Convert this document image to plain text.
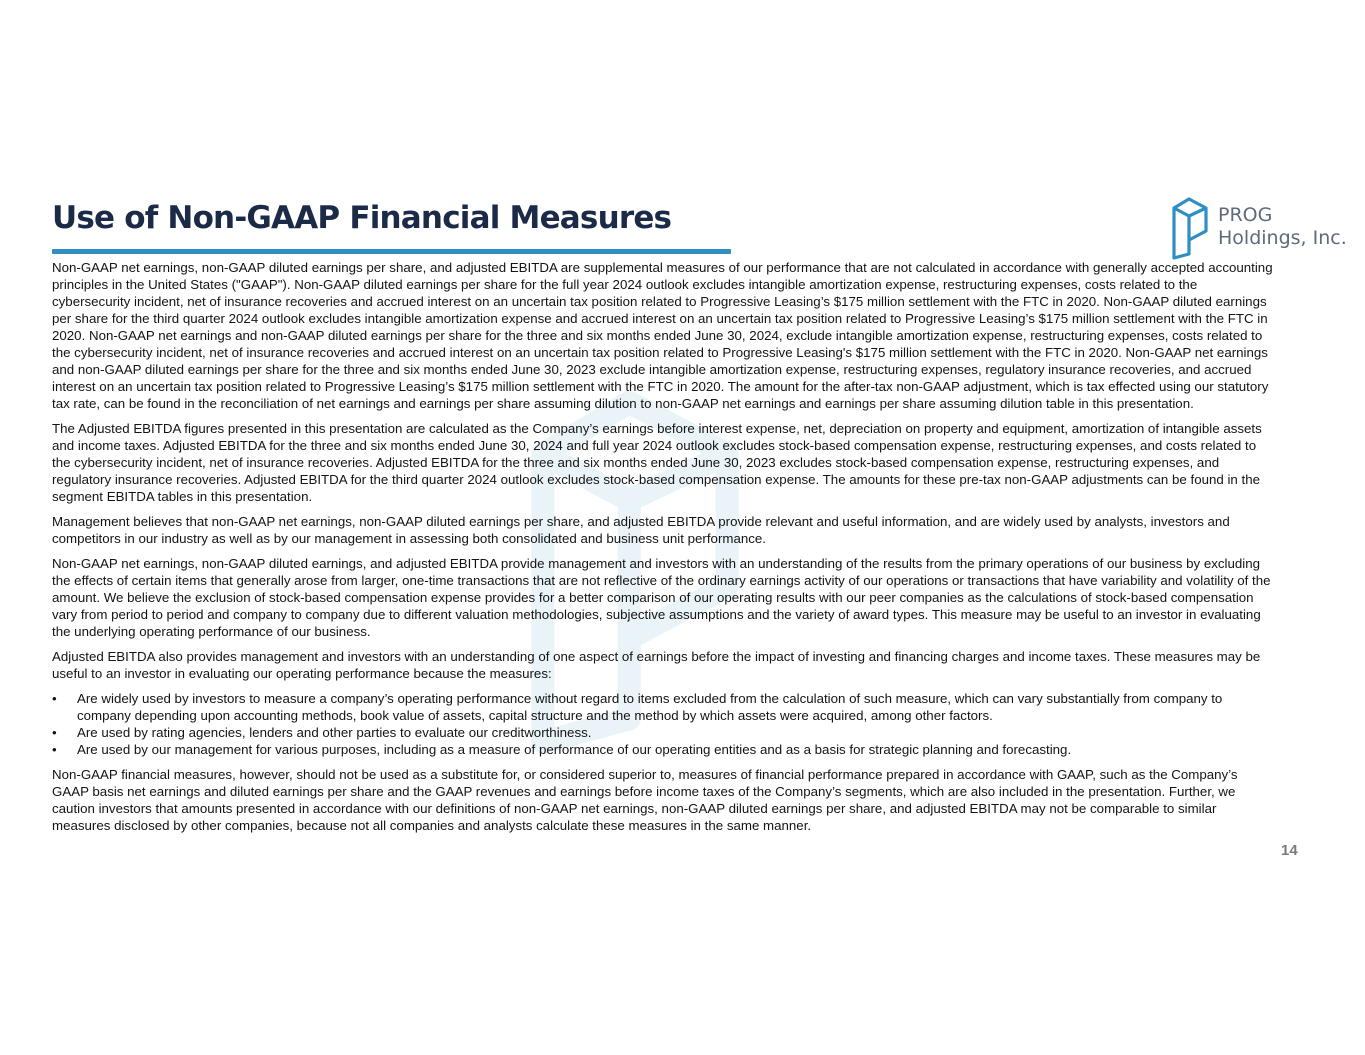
Use of Non-GAAP Financial Measures	PROG
Holdings, Inc.

Non-GAAP net earnings, non-GAAP diluted earnings per share, and adjusted EBITDA are supplemental measures of our performance that are not calculated in accordance with generally accepted accounting principles in the United States ("GAAP"). Non-GAAP diluted earnings per share for the full year 2024 outlook excludes intangible amortization expense, restructuring expenses, costs related to the cybersecurity incident, net of insurance recoveries and accrued interest on an uncertain tax position related to Progressive Leasing’s $175 million settlement with the FTC in 2020. Non-GAAP diluted earnings per share for the third quarter 2024 outlook excludes intangible amortization expense and accrued interest on an uncertain tax position related to Progressive Leasing’s $175 million settlement with the FTC in 2020. Non-GAAP net earnings and non-GAAP diluted earnings per share for the three and six months ended June 30, 2024, exclude intangible amortization expense, restructuring expenses, costs related to the cybersecurity incident, net of insurance recoveries and accrued interest on an uncertain tax position related to Progressive Leasing's $175 million settlement with the FTC in 2020. Non-GAAP net earnings and non-GAAP diluted earnings per share for the three and six months ended June 30, 2023 exclude intangible amortization expense, restructuring expenses, regulatory insurance recoveries, and accrued interest on an uncertain tax position related to Progressive Leasing’s $175 million settlement with the FTC in 2020. The amount for the after-tax non-GAAP adjustment, which is tax effected using our statutory tax rate, can be found in the reconciliation of net earnings and earnings per share assuming dilution to non-GAAP net earnings and earnings per share assuming dilution table in this presentation.

The Adjusted EBITDA figures presented in this presentation are calculated as the Company’s earnings before interest expense, net, depreciation on property and equipment, amortization of intangible assets and income taxes. Adjusted EBITDA for the three and six months ended June 30, 2024 and full year 2024 outlook excludes stock-based compensation expense, restructuring expenses, and costs related to the cybersecurity incident, net of insurance recoveries. Adjusted EBITDA for the three and six months ended June 30, 2023 excludes stock-based compensation expense, restructuring expenses, and regulatory insurance recoveries. Adjusted EBITDA for the third quarter 2024 outlook excludes stock-based compensation expense. The amounts for these pre-tax non-GAAP adjustments can be found in the segment EBITDA tables in this presentation.

Management believes that non-GAAP net earnings, non-GAAP diluted earnings per share, and adjusted EBITDA provide relevant and useful information, and are widely used by analysts, investors and competitors in our industry as well as by our management in assessing both consolidated and business unit performance.

Non-GAAP net earnings, non-GAAP diluted earnings, and adjusted EBITDA provide management and investors with an understanding of the results from the primary operations of our business by excluding the effects of certain items that generally arose from larger, one-time transactions that are not reflective of the ordinary earnings activity of our operations or transactions that have variability and volatility of the amount. We believe the exclusion of stock-based compensation expense provides for a better comparison of our operating results with our peer companies as the calculations of stock-based compensation vary from period to period and company to company due to different valuation methodologies, subjective assumptions and the variety of award types. This measure may be useful to an investor in evaluating the underlying operating performance of our business.

Adjusted EBITDA also provides management and investors with an understanding of one aspect of earnings before the impact of investing and financing charges and income taxes. These measures may be useful to an investor in evaluating our operating performance because the measures:

• Are widely used by investors to measure a company’s operating performance without regard to items excluded from the calculation of such measure, which can vary substantially from company to company depending upon accounting methods, book value of assets, capital structure and the method by which assets were acquired, among other factors.
• Are used by rating agencies, lenders and other parties to evaluate our creditworthiness.
• Are used by our management for various purposes, including as a measure of performance of our operating entities and as a basis for strategic planning and forecasting.

Non-GAAP financial measures, however, should not be used as a substitute for, or considered superior to, measures of financial performance prepared in accordance with GAAP, such as the Company’s GAAP basis net earnings and diluted earnings per share and the GAAP revenues and earnings before income taxes of the Company’s segments, which are also included in the presentation. Further, we caution investors that amounts presented in accordance with our definitions of non-GAAP net earnings, non-GAAP diluted earnings per share, and adjusted EBITDA may not be comparable to similar measures disclosed by other companies, because not all companies and analysts calculate these measures in the same manner.

14
